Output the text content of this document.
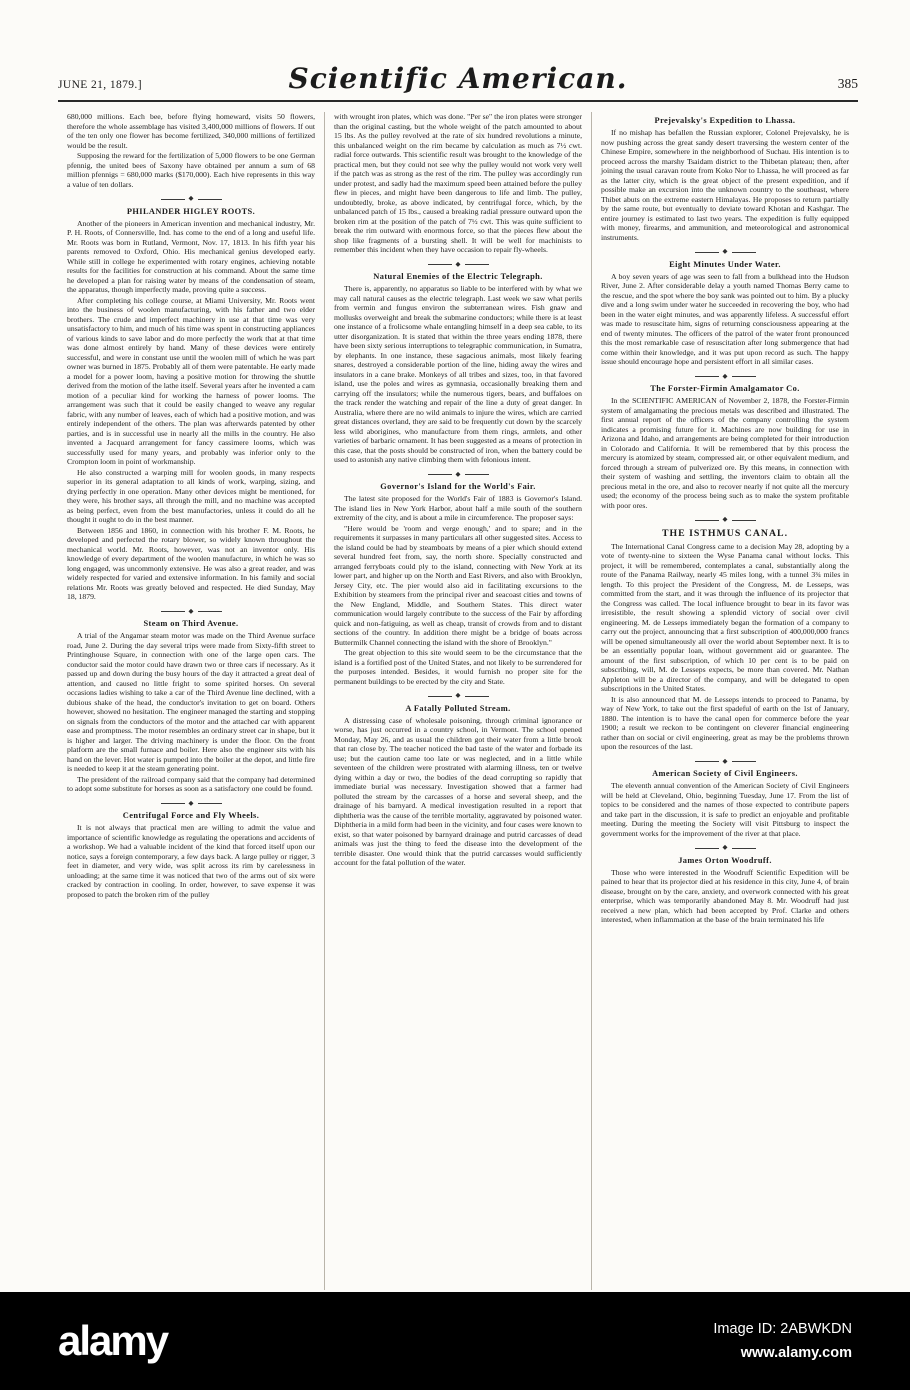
JUNE 21, 1879.]	Scientific American.	385

680,000 millions. Each bee, before flying homeward, visits 50 flowers, therefore the whole assemblage has visited 3,400,000 millions of flowers. If out of the ten only one flower has become fertilized, 340,000 millions of fertilized would be the result.

Supposing the reward for the fertilization of 5,000 flowers to be one German pfennig, the united bees of Saxony have obtained per annum a sum of 68 million pfennigs = 680,000 marks ($170,000). Each hive represents in this way a value of ten dollars.

◆
PHILANDER HIGLEY ROOTS.

Another of the pioneers in American invention and mechanical industry, Mr. P. H. Roots, of Connersville, Ind. has come to the end of a long and useful life. Mr. Roots was born in Rutland, Vermont, Nov. 17, 1813. In his fifth year his parents removed to Oxford, Ohio. His mechanical genius developed early. While still in college he experimented with rotary engines, achieving notable results for the facilities for construction at his command. About the same time he developed a plan for raising water by means of the condensation of steam, the apparatus, though imperfectly made, proving quite a success.

After completing his college course, at Miami University, Mr. Roots went into the business of woolen manufacturing, with his father and two elder brothers. The crude and imperfect machinery in use at that time was very unsatisfactory to him, and much of his time was spent in constructing appliances of various kinds to save labor and do more perfectly the work that at that time was done almost entirely by hand. Many of these devices were entirely successful, and were in constant use until the woolen mill of which he was part owner was burned in 1875. Probably all of them were patentable. He early made a model for a power loom, having a positive motion for throwing the shuttle derived from the motion of the lathe itself. Several years after he invented a cam motion of a peculiar kind for working the harness of power looms. The arrangement was such that it could be easily changed to weave any regular fabric, with any number of leaves, each of which had a positive motion, and was entirely independent of the others. The plan was afterwards patented by other parties, and is in successful use in nearly all the mills in the country. He also invented a Jacquard arrangement for fancy cassimere looms, which was successfully used for many years, and probably was inferior only to the Crompton loom in point of workmanship.

He also constructed a warping mill for woolen goods, in many respects superior in its general adaptation to all kinds of work, warping, sizing, and drying perfectly in one operation. Many other devices might be mentioned, for they were, his brother says, all through the mill, and no machine was accepted as being perfect, even from the best manufactories, unless it could do all he thought it ought to do in the best manner.

Between 1856 and 1860, in connection with his brother F. M. Roots, he developed and perfected the rotary blower, so widely known throughout the mechanical world. Mr. Roots, however, was not an inventor only. His knowledge of every department of the woolen manufacture, in which he was so long engaged, was uncommonly extensive. He was also a great reader, and was widely respected for varied and extensive information. In his family and social relations Mr. Roots was greatly beloved and respected. He died Sunday, May 18, 1879.

◆
Steam on Third Avenue.

A trial of the Angamar steam motor was made on the Third Avenue surface road, June 2. During the day several trips were made from Sixty-fifth street to Printinghouse Square, in connection with one of the large open cars. The conductor said the motor could have drawn two or three cars if necessary. As it passed up and down during the busy hours of the day it attracted a great deal of attention, and caused no little fright to some spirited horses. On several occasions ladies wishing to take a car of the Third Avenue line declined, with a dubious shake of the head, the conductor's invitation to get on board. Others however, showed no hesitation. The engineer managed the starting and stopping on signals from the conductors of the motor and the attached car with apparent ease and promptness. The motor resembles an ordinary street car in shape, but it is higher and larger. The driving machinery is under the floor. On the front platform are the small furnace and boiler. Here also the engineer sits with his hand on the lever. Hot water is pumped into the boiler at the depot, and little fire is needed to keep it at the steam generating point.

The president of the railroad company said that the company had determined to adopt some substitute for horses as soon as a satisfactory one could be found.

◆
Centrifugal Force and Fly Wheels.

It is not always that practical men are willing to admit the value and importance of scientific knowledge as regulating the operations and accidents of a workshop. We had a valuable incident of the kind that forced itself upon our notice, says a foreign contemporary, a few days back. A large pulley or rigger, 3 feet in diameter, and very wide, was split across its rim by carelessness in unloading; at the same time it was noticed that two of the arms out of six were cracked by contraction in cooling. In order, however, to save expense it was proposed to patch the broken rim of the pulley

with wrought iron plates, which was done. "Per se" the iron plates were stronger than the original casting, but the whole weight of the patch amounted to about 15 lbs. As the pulley revolved at the rate of six hundred revolutions a minute, this unbalanced weight on the rim became by calculation as much as 7½ cwt. radial force outwards. This scientific result was brought to the knowledge of the practical men, but they could not see why the pulley would not work very well if the patch was as strong as the rest of the rim. The pulley was accordingly run under protest, and sadly had the maximum speed been attained before the pulley flew in pieces, and might have been dangerous to life and limb. The pulley, undoubtedly, broke, as above indicated, by centrifugal force, which, by the unbalanced patch of 15 lbs., caused a breaking radial pressure outward upon the broken rim at the position of the patch of 7½ cwt. This was quite sufficient to break the rim outward with enormous force, so that the pieces flew about the shop like fragments of a bursting shell. It will be well for machinists to remember this incident when they have occasion to repair fly-wheels.

◆
Natural Enemies of the Electric Telegraph.

There is, apparently, no apparatus so liable to be interfered with by what we may call natural causes as the electric telegraph. Last week we saw what perils from vermin and fungus environ the subterranean wires. Fish gnaw and mollusks overweight and break the submarine conductors; while there is at least one instance of a frolicsome whale entangling himself in a deep sea cable, to its utter disorganization. It is stated that within the three years ending 1878, there have been sixty serious interruptions to telegraphic communication, in Sumatra, by elephants. In one instance, these sagacious animals, most likely fearing snares, destroyed a considerable portion of the line, hiding away the wires and insulators in a cane brake. Monkeys of all tribes and sizes, too, in that favored island, use the poles and wires as gymnasia, occasionally breaking them and carrying off the insulators; while the numerous tigers, bears, and buffaloes on the track render the watching and repair of the line a duty of great danger. In Australia, where there are no wild animals to injure the wires, which are carried great distances overland, they are said to be frequently cut down by the scarcely less wild aborigines, who manufacture from them rings, armlets, and other varieties of barbaric ornament. It has been suggested as a means of protection in this case, that the posts should be constructed of iron, when the battery could be used to astonish any native climbing them with felonious intent.

◆
Governor's Island for the World's Fair.

The latest site proposed for the World's Fair of 1883 is Governor's Island. The island lies in New York Harbor, about half a mile south of the southern extremity of the city, and is about a mile in circumference. The proposer says:

"Here would be 'room and verge enough,' and to spare; and in the requirements it surpasses in many particulars all other suggested sites. Access to the island could be had by steamboats by means of a pier which should extend several hundred feet from, say, the north shore. Specially constructed and arranged ferryboats could ply to the island, connecting with New York at its lower part, and higher up on the North and East Rivers, and also with Brooklyn, Jersey City, etc. The pier would also aid in facilitating excursions to the Exhibition by steamers from the principal river and seacoast cities and towns of the New England, Middle, and Southern States. This direct water communication would largely contribute to the success of the Fair by affording quick and non-fatiguing, as well as cheap, transit of crowds from and to distant sections of the country. In addition there might be a bridge of boats across Buttermilk Channel connecting the island with the shore of Brooklyn."

The great objection to this site would seem to be the circumstance that the island is a fortified post of the United States, and not likely to be surrendered for the purposes intended. Besides, it would furnish no proper site for the permanent buildings to be erected by the city and State.

◆
A Fatally Polluted Stream.

A distressing case of wholesale poisoning, through criminal ignorance or worse, has just occurred in a country school, in Vermont. The school opened Monday, May 26, and as usual the children got their water from a little brook that ran close by. The teacher noticed the bad taste of the water and forbade its use; but the caution came too late or was neglected, and in a little while seventeen of the children were prostrated with alarming illness, ten or twelve dying within a day or two, the bodies of the dead corrupting so rapidly that immediate burial was necessary. Investigation showed that a farmer had polluted the stream by the carcasses of a horse and several sheep, and the drainage of his barnyard. A medical investigation resulted in a report that diphtheria was the cause of the terrible mortality, aggravated by poisoned water. Diphtheria in a mild form had been in the vicinity, and four cases were known to exist, so that water poisoned by barnyard drainage and putrid carcasses of dead animals was just the thing to feed the disease into the development of the terrible disaster. One would think that the putrid carcasses would sufficiently account for the fatal pollution of the water.

Prejevalsky's Expedition to Lhassa.

If no mishap has befallen the Russian explorer, Colonel Prejevalsky, he is now pushing across the great sandy desert traversing the western center of the Chinese Empire, somewhere in the neighborhood of Suchau. His intention is to proceed across the marshy Tsaidam district to the Thibetan plateau; then, after joining the usual caravan route from Koko Nor to Lhassa, he will proceed as far as the latter city, which is the great object of the present expedition, and if possible make an excursion into the unknown country to the southeast, where Thibet abuts on the extreme eastern Himalayas. He proposes to return partially by the same route, but eventually to deviate toward Khotan and Kashgar. The entire journey is estimated to last two years. The expedition is fully equipped with money, firearms, and ammunition, and meteorological and astronomical instruments.

◆
Eight Minutes Under Water.

A boy seven years of age was seen to fall from a bulkhead into the Hudson River, June 2. After considerable delay a youth named Thomas Berry came to the rescue, and the spot where the boy sank was pointed out to him. By a plucky dive and a long swim under water he succeeded in recovering the boy, who had been in the water eight minutes, and was apparently lifeless. A successful effort was made to resuscitate him, signs of returning consciousness appearing at the end of twenty minutes. The officers of the patrol of the water front pronounced this the most remarkable case of resuscitation after long submergence that had come within their knowledge, and it was put upon record as such. The happy issue should encourage hope and persistent effort in all similar cases.

◆
The Forster-Firmin Amalgamator Co.

In the SCIENTIFIC AMERICAN of November 2, 1878, the Forster-Firmin system of amalgamating the precious metals was described and illustrated. The first annual report of the officers of the company controlling the system indicates a promising future for it. Machines are now building for use in Arizona and Idaho, and arrangements are being completed for their introduction in Colorado and California. It will be remembered that by this process the mercury is atomized by steam, compressed air, or other equivalent medium, and forced through a stream of pulverized ore. By this means, in connection with their system of washing and settling, the inventors claim to obtain all the precious metal in the ore, and also to recover nearly if not quite all the mercury used; the economy of the process being such as to make the system profitable with poor ores.

◆
THE ISTHMUS CANAL.

The International Canal Congress came to a decision May 28, adopting by a vote of twenty-nine to sixteen the Wyse Panama canal without locks. This project, it will be remembered, contemplates a canal, substantially along the route of the Panama Railway, nearly 45 miles long, with a tunnel 3¾ miles in length. To this project the President of the Congress, M. de Lesseps, was committed from the start, and it was through the influence of its projector that the Congress was called. The local influence brought to bear in its favor was irresistible, the result showing a splendid victory of social over civil engineering. M. de Lesseps immediately began the formation of a company to carry out the project, announcing that a first subscription of 400,000,000 francs will be opened simultaneously all over the world about September next. It is to be an essentially popular loan, without government aid or guarantee. The amount of the first subscription, of which 10 per cent is to be paid on subscribing, will, M. de Lesseps expects, be more than covered. Mr. Nathan Appleton will be a director of the company, and will be delegated to open subscriptions in the United States.

It is also announced that M. de Lesseps intends to proceed to Panama, by way of New York, to take out the first spadeful of earth on the 1st of January, 1880. The intention is to have the canal open for commerce before the year 1900; a result we reckon to be contingent on cleverer financial engineering rather than on social or civil engineering, great as may be the problems thrown upon the resources of the last.

◆
American Society of Civil Engineers.

The eleventh annual convention of the American Society of Civil Engineers will be held at Cleveland, Ohio, beginning Tuesday, June 17. From the list of topics to be considered and the names of those expected to contribute papers and take part in the discussion, it is safe to predict an enjoyable and profitable meeting. During the meeting the Society will visit Pittsburg to inspect the government works for the improvement of the river at that place.

◆
James Orton Woodruff.

Those who were interested in the Woodruff Scientific Expedition will be pained to hear that its projector died at his residence in this city, June 4, of brain disease, brought on by the care, anxiety, and overwork connected with his great enterprise, which was temporarily abandoned May 8. Mr. Woodruff had just received a new plan, which had been accepted by Prof. Clarke and others interested, when inflammation at the base of the brain terminated his life

alamy	Image ID: 2ABWKDN
www.alamy.com
